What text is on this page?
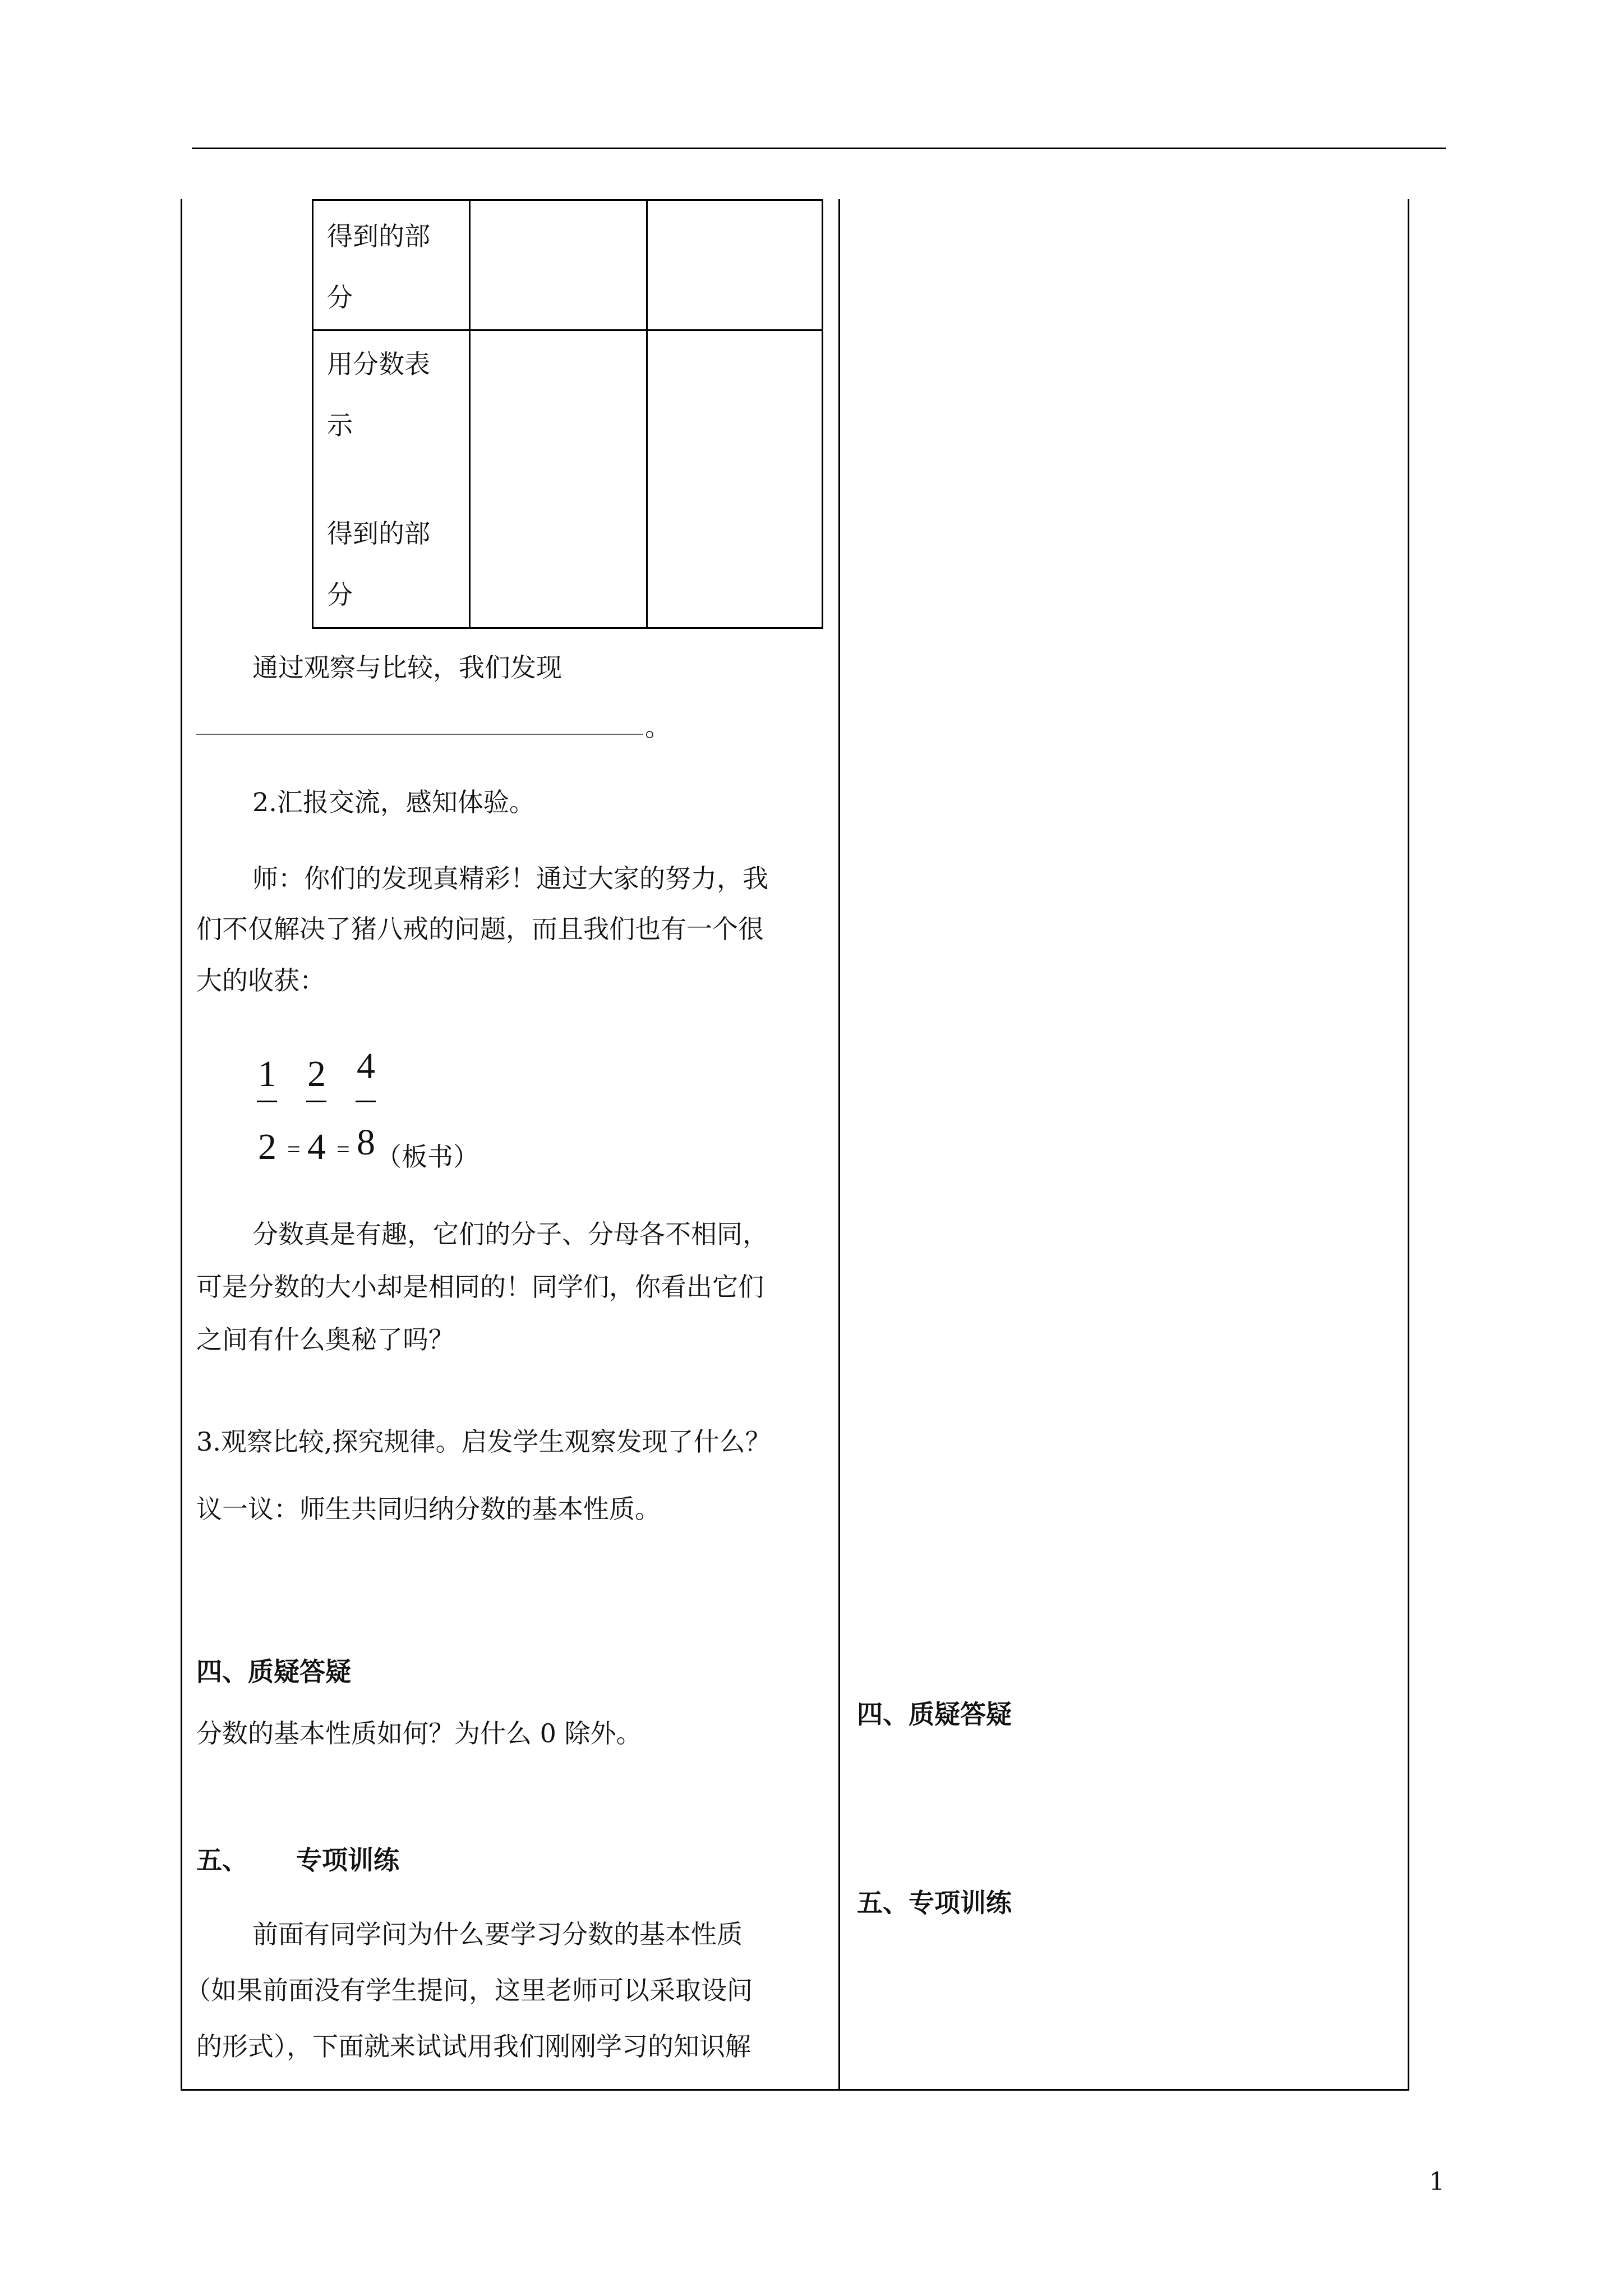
得到的部
分
用分数表
示
得到的部
分
通过观察与比较，我们发现
。
2.汇报交流，感知体验。
师：你们的发现真精彩！通过大家的努力，我
们不仅解决了猪八戒的问题，而且我们也有一个很
大的收获：
1
2 =
2
4 =
4
8 （板书）
分数真是有趣，它们的分子、分母各不相同，
可是分数的大小却是相同的！同学们，你看出它们
之间有什么奥秘了吗？
3.观察比较,探究规律。启发学生观察发现了什么？
议一议：师生共同归纳分数的基本性质。
四、质疑答疑
分数的基本性质如何？为什么 0 除外。
五、 专项训练
前面有同学问为什么要学习分数的基本性质
（如果前面没有学生提问，这里老师可以采取设问
的形式），下面就来试试用我们刚刚学习的知识解
四、质疑答疑
五、专项训练
1
